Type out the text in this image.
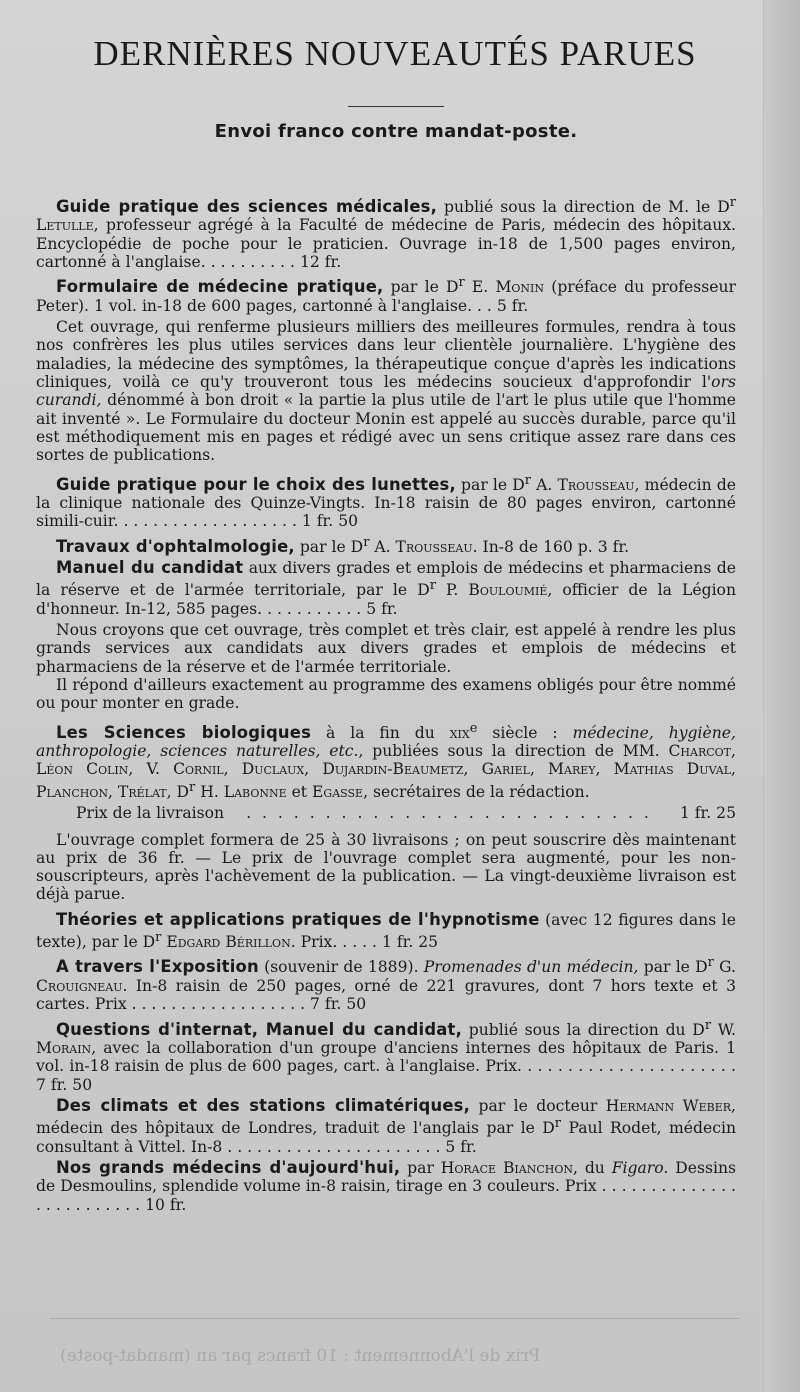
DERNIÈRES NOUVEAUTÉS PARUES
Envoi franco contre mandat-poste.
Guide pratique des sciences médicales, publié sous la direction de M. le $D^r$ Letulle, professeur agrégé à la Faculté de médecine de Paris, médecin des hôpitaux. Encyclopédie de poche pour le praticien. Ouvrage in-18 de 1,500 pages environ, cartonné à l'anglaise. . . . . . . . . . 12 fr.
Formulaire de médecine pratique, par le $D^r$ E. Monin (préface du professeur Peter). 1 vol. in-18 de 600 pages, cartonné à l'anglaise. . . 5 fr.

Cet ouvrage, qui renferme plusieurs milliers des meilleures formules, rendra à tous nos confrères les plus utiles services dans leur clientèle journalière. L'hygiène des maladies, la médecine des symptômes, la thérapeutique conçue d'après les indications cliniques, voilà ce qu'y trouveront tous les médecins soucieux d'approfondir l'ors curandi, dénommé à bon droit « la partie la plus utile de l'art le plus utile que l'homme ait inventé ». Le Formulaire du docteur Monin est appelé au succès durable, parce qu'il est méthodiquement mis en pages et rédigé avec un sens critique assez rare dans ces sortes de publications.

Guide pratique pour le choix des lunettes, par le $D^r$ A. Trousseau, médecin de la clinique nationale des Quinze-Vingts. In-18 raisin de 80 pages environ, cartonné simili-cuir. . . . . . . . . . . . . . . . . . . 1 fr. 50
Travaux d'ophtalmologie, par le $D^r$ A. Trousseau. In-8 de 160 p. 3 fr.
Manuel du candidat aux divers grades et emplois de médecins et pharmaciens de la réserve et de l'armée territoriale, par le $D^r$ P. Bouloumié, officier de la Légion d'honneur. In-12, 585 pages. . . . . . . . . . . 5 fr.

Nous croyons que cet ouvrage, très complet et très clair, est appelé à rendre les plus grands services aux candidats aux divers grades et emplois de médecins et pharmaciens de la réserve et de l'armée territoriale.

Il répond d'ailleurs exactement au programme des examens obligés pour être nommé ou pour monter en grade.

Les Sciences biologiques à la fin du xix$^e$ siècle : médecine, hygiène, anthropologie, sciences naturelles, etc., publiées sous la direction de MM. Charcot, Léon Colin, V. Cornil, Duclaux, Dujardin-Beaumetz, Gariel, Marey, Mathias Duval, Planchon, Trélat, $D^r$ H. Labonne et Egasse, secrétaires de la rédaction.
Prix de la livraison
. . .	1 fr. 25

L'ouvrage complet formera de 25 à 30 livraisons ; on peut souscrire dès maintenant au prix de 36 fr. — Le prix de l'ouvrage complet sera augmenté, pour les non-souscripteurs, après l'achèvement de la publication. — La vingt-deuxième livraison est déjà parue.

Théories et applications pratiques de l'hypnotisme (avec 12 figures dans le texte), par le $D^r$ Edgard Bérillon. Prix. . . . . 1 fr. 25
A travers l'Exposition (souvenir de 1889). Promenades d'un médecin, par le $D^r$ G. Crouigneau. In-8 raisin de 250 pages, orné de 221 gravures, dont 7 hors texte et 3 cartes. Prix . . . . . . . . . . . . . . . . . . 7 fr. 50
Questions d'internat, Manuel du candidat, publié sous la direction du $D^r$ W. Morain, avec la collaboration d'un groupe d'anciens internes des hôpitaux de Paris. 1 vol. in-18 raisin de plus de 600 pages, cart. à l'anglaise. Prix. . . . . . . . . . . . . . . . . . . . . . 7 fr. 50
Des climats et des stations climatériques, par le docteur Hermann Weber, médecin des hôpitaux de Londres, traduit de l'anglais par le $D^r$ Paul Rodet, médecin consultant à Vittel. In-8 . . . . . . . . . . . . . . . . . . . . . . 5 fr.
Nos grands médecins d'aujourd'hui, par Horace Bianchon, du Figaro. Dessins de Desmoulins, splendide volume in-8 raisin, tirage en 3 couleurs. Prix . . . . . . . . . . . . . . . . . . . . . . . . . 10 fr.
Prix de l'Abonnement : 10 francs par an (mandat-poste)
